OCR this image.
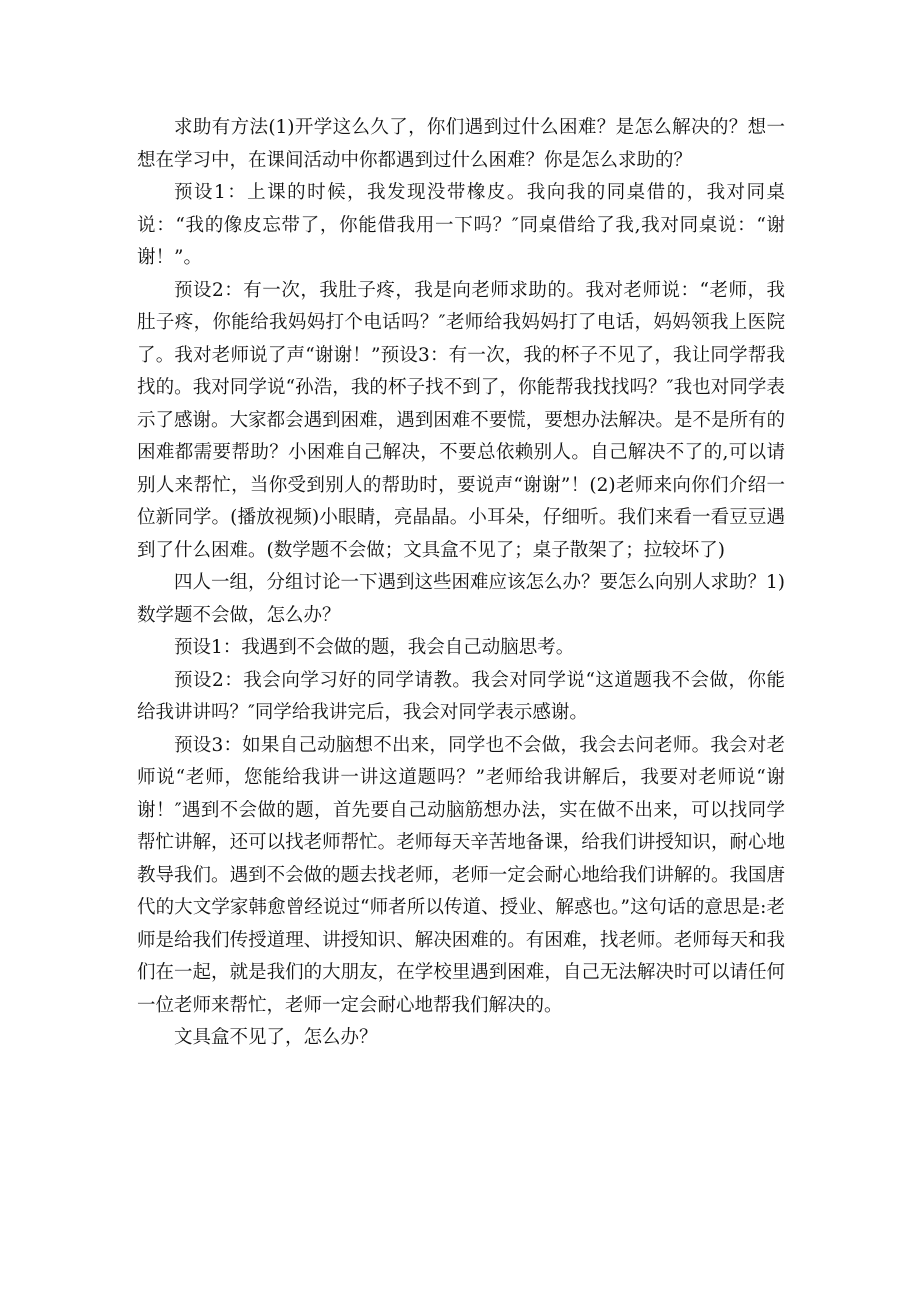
求助有方法(1)开学这么久了，你们遇到过什么困难？是怎么解决的？想一想在学习中，在课间活动中你都遇到过什么困难？你是怎么求助的？

预设1：上课的时候，我发现没带橡皮。我向我的同桌借的，我对同桌说：“我的像皮忘带了，你能借我用一下吗？″同桌借给了我,我对同桌说：“谢谢！”。

预设2：有一次，我肚子疼，我是向老师求助的。我对老师说：“老师，我肚子疼，你能给我妈妈打个电话吗？″老师给我妈妈打了电话，妈妈领我上医院了。我对老师说了声“谢谢！”预设3：有一次，我的杯子不见了，我让同学帮我找的。我对同学说“孙浩，我的杯子找不到了，你能帮我找找吗？″我也对同学表示了感谢。大家都会遇到困难，遇到困难不要慌，要想办法解决。是不是所有的困难都需要帮助？小困难自己解决，不要总依赖别人。自己解决不了的,可以请别人来帮忙，当你受到别人的帮助时，要说声“谢谢”！(2)老师来向你们介绍一位新同学。(播放视频)小眼睛，亮晶晶。小耳朵，仔细听。我们来看一看豆豆遇到了什么困难。(数学题不会做；文具盒不见了；桌子散架了；拉较坏了)

四人一组，分组讨论一下遇到这些困难应该怎么办？要怎么向别人求助？1)数学题不会做，怎么办？

预设1：我遇到不会做的题，我会自己动脑思考。

预设2：我会向学习好的同学请教。我会对同学说“这道题我不会做，你能给我讲讲吗？″同学给我讲完后，我会对同学表示感谢。

预设3：如果自己动脑想不出来，同学也不会做，我会去问老师。我会对老师说“老师，您能给我讲一讲这道题吗？”老师给我讲解后，我要对老师说“谢谢！″遇到不会做的题，首先要自己动脑筋想办法，实在做不出来，可以找同学帮忙讲解，还可以找老师帮忙。老师每天辛苦地备课，给我们讲授知识，耐心地教导我们。遇到不会做的题去找老师，老师一定会耐心地给我们讲解的。我国唐代的大文学家韩愈曾经说过“师者所以传道、授业、解惑也。”这句话的意思是:老师是给我们传授道理、讲授知识、解决困难的。有困难，找老师。老师每天和我们在一起，就是我们的大朋友，在学校里遇到困难，自己无法解决时可以请任何一位老师来帮忙，老师一定会耐心地帮我们解决的。

文具盒不见了，怎么办？
